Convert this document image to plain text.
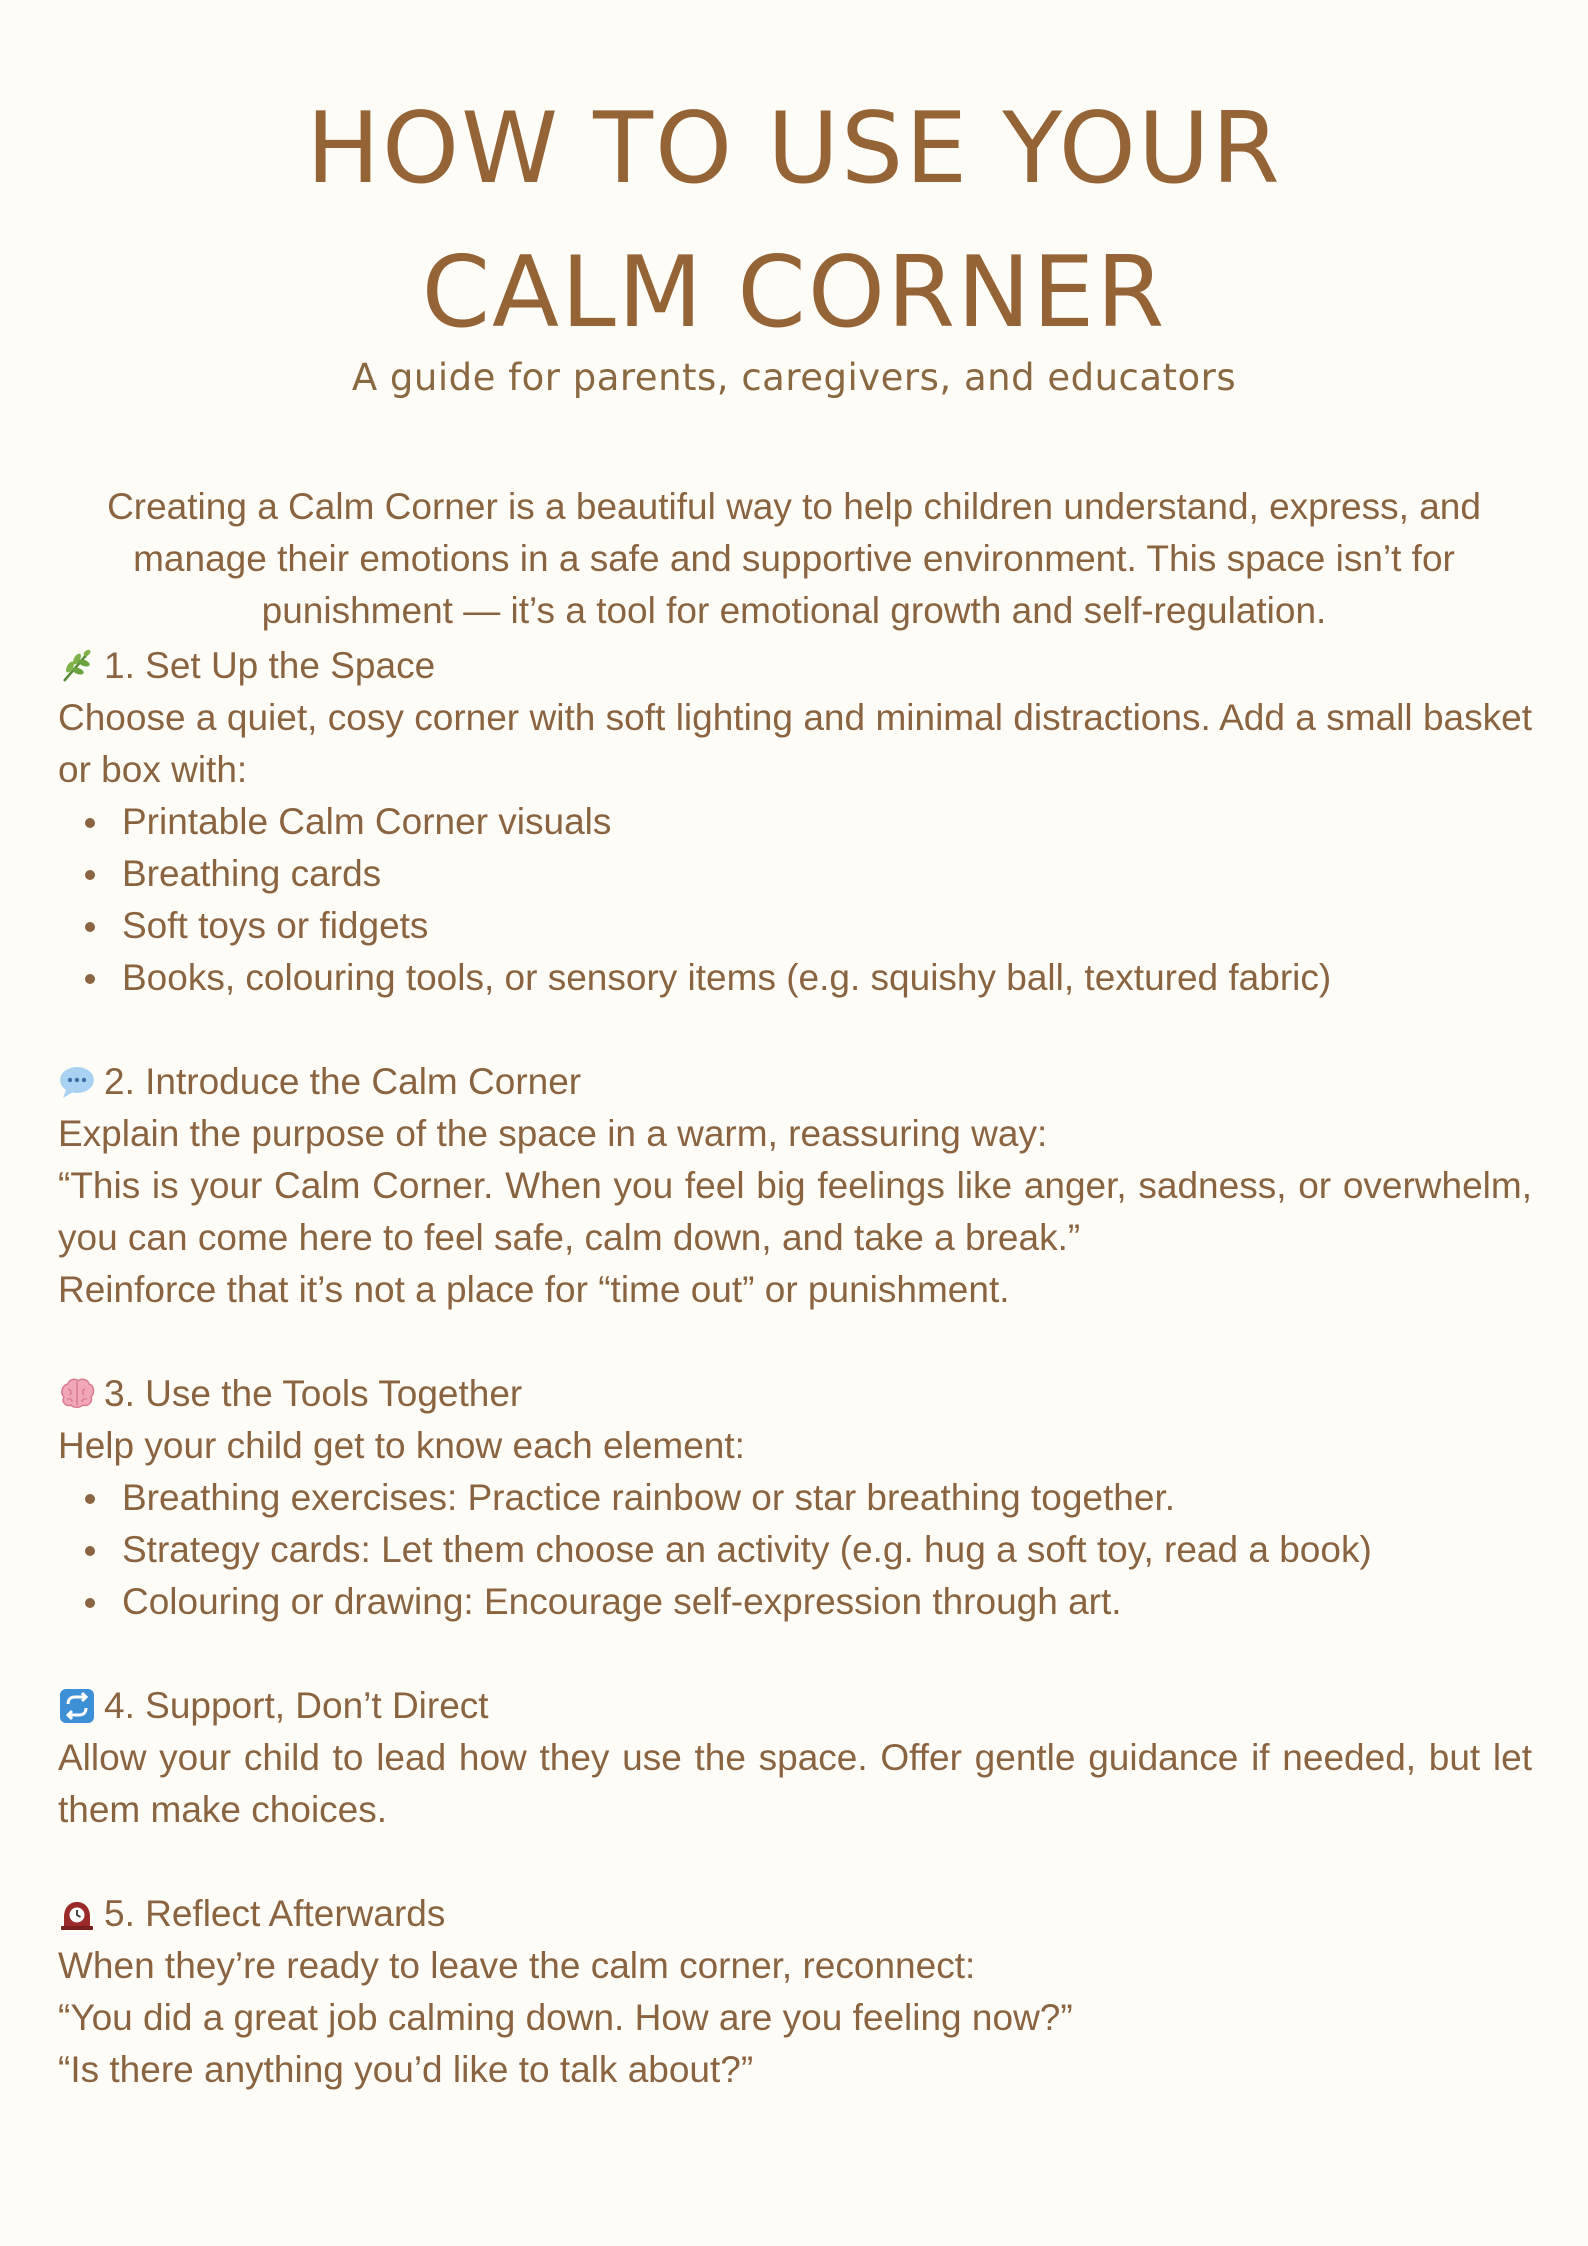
HOW TO USE YOUR
CALM CORNER
A guide for parents, caregivers, and educators

Creating a Calm Corner is a beautiful way to help children understand, express, and manage their emotions in a safe and supportive environment. This space isn’t for punishment — it’s a tool for emotional growth and self-regulation.

1. Set Up the Space

Choose a quiet, cosy corner with soft lighting and minimal distractions. Add a small basket or box with:

Printable Calm Corner visuals
Breathing cards
Soft toys or fidgets
Books, colouring tools, or sensory items (e.g. squishy ball, textured fabric)
2. Introduce the Calm Corner

Explain the purpose of the space in a warm, reassuring way:

“This is your Calm Corner. When you feel big feelings like anger, sadness, or overwhelm, you can come here to feel safe, calm down, and take a break.”

Reinforce that it’s not a place for “time out” or punishment.

3. Use the Tools Together

Help your child get to know each element:

Breathing exercises: Practice rainbow or star breathing together.
Strategy cards: Let them choose an activity (e.g. hug a soft toy, read a book)
Colouring or drawing: Encourage self-expression through art.
4. Support, Don’t Direct

Allow your child to lead how they use the space. Offer gentle guidance if needed, but let them make choices.

5. Reflect Afterwards

When they’re ready to leave the calm corner, reconnect:

“You did a great job calming down. How are you feeling now?”

“Is there anything you’d like to talk about?”
